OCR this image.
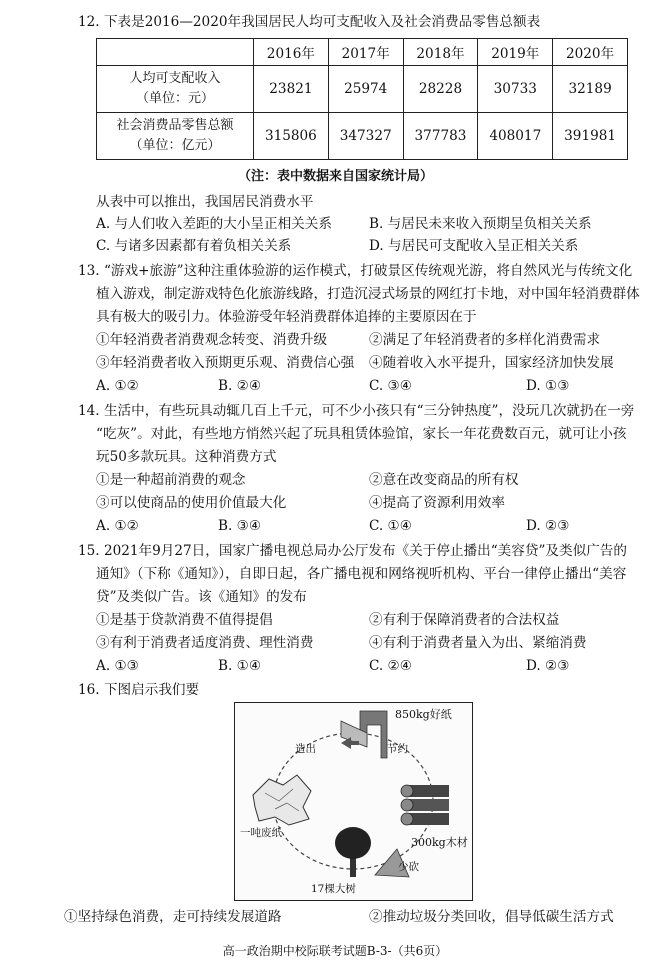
12. 下表是2016—2020年我国居民人均可支配收入及社会消费品零售总额表
	2016年	2017年	2018年	2019年	2020年

人均可支配收入
（单位：元）	23821	25974	28228	30733	32189

社会消费品零售总额
（单位：亿元）	315806	347327	377783	408017	391981
（注：表中数据来自国家统计局）
从表中可以推出，我国居民消费水平
A. 与人们收入差距的大小呈正相关关系	B. 与居民未来收入预期呈负相关关系
C. 与诸多因素都有着负相关关系	D. 与居民可支配收入呈正相关关系
13. “游戏+旅游”这种注重体验游的运作模式，打破景区传统观光游，将自然风光与传统文化
植入游戏，制定游戏特色化旅游线路，打造沉浸式场景的网红打卡地，对中国年轻消费群体
具有极大的吸引力。体验游受年轻消费群体追捧的主要原因在于
①年轻消费者消费观念转变、消费升级	②满足了年轻消费者的多样化消费需求
③年轻消费者收入预期更乐观、消费信心强 ④随着收入水平提升，国家经济加快发展
A. ①②	B. ②④	C. ③④	D. ①③
14. 生活中，有些玩具动辄几百上千元，可不少小孩只有“三分钟热度”，没玩几次就扔在一旁
“吃灰”。对此，有些地方悄然兴起了玩具租赁体验馆，家长一年花费数百元，就可让小孩
玩50多款玩具。这种消费方式
①是一种超前消费的观念	②意在改变商品的所有权
③可以使商品的使用价值最大化	④提高了资源利用效率
A. ①②	B. ③④	C. ①④	D. ②③
15. 2021年9月27日，国家广播电视总局办公厅发布《关于停止播出“美容贷”及类似广告的
通知》（下称《通知》），自即日起，各广播电视和网络视听机构、平台一律停止播出“美容
贷”及类似广告。该《通知》的发布
①是基于贷款消费不值得提倡	②有利于保障消费者的合法权益
③有利于消费者适度消费、理性消费	④有利于消费者量入为出、紧缩消费
A. ①③	B. ①④	C. ②④	D. ②③
16. 下图启示我们要
850kg好纸
造出	节约
一吨废纸
300kg木材
少砍
17棵大树
①坚持绿色消费，走可持续发展道路	②推动垃圾分类回收，倡导低碳生活方式
高一政治期中校际联考试题B-3-（共6页）
